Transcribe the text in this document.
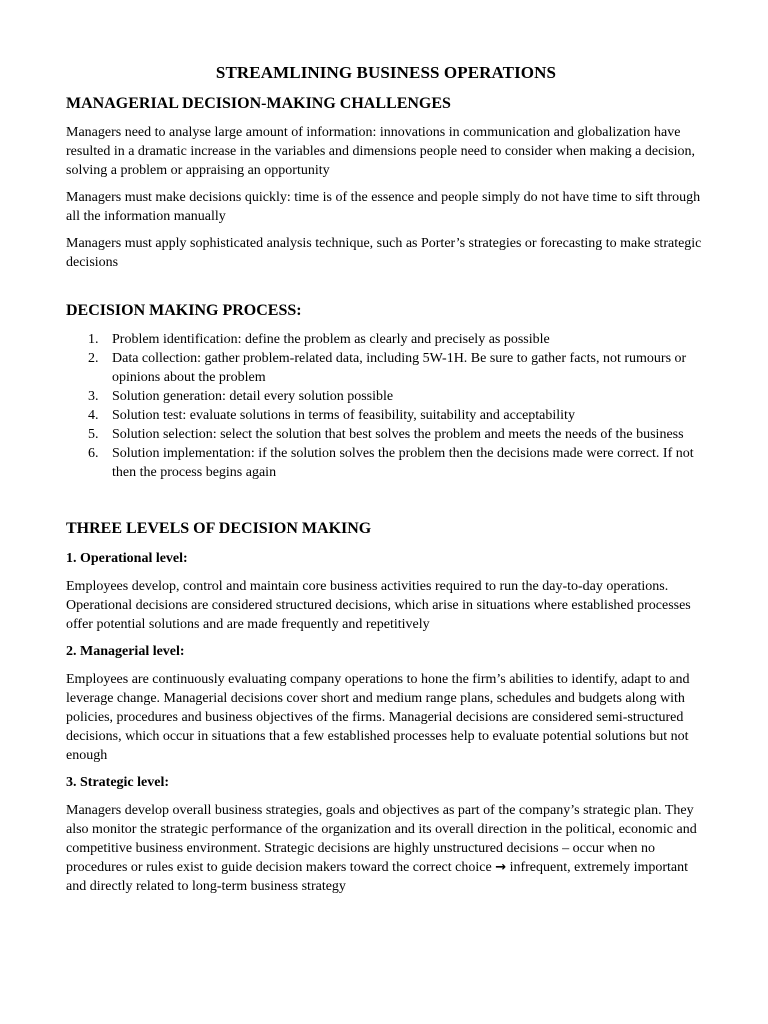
STREAMLINING BUSINESS OPERATIONS
MANAGERIAL DECISION-MAKING CHALLENGES

Managers need to analyse large amount of information: innovations in communication and globalization have resulted in a dramatic increase in the variables and dimensions people need to consider when making a decision, solving a problem or appraising an opportunity

Managers must make decisions quickly: time is of the essence and people simply do not have time to sift through all the information manually

Managers must apply sophisticated analysis technique, such as Porter’s strategies or forecasting to make strategic decisions

DECISION MAKING PROCESS:
1. Problem identification: define the problem as clearly and precisely as possible
2. Data collection: gather problem-related data, including 5W-1H. Be sure to gather facts, not rumours or opinions about the problem
3. Solution generation: detail every solution possible
4. Solution test: evaluate solutions in terms of feasibility, suitability and acceptability
5. Solution selection: select the solution that best solves the problem and meets the needs of the business
6. Solution implementation: if the solution solves the problem then the decisions made were correct. If not then the process begins again
THREE LEVELS OF DECISION MAKING
1. Operational level:

Employees develop, control and maintain core business activities required to run the day-to-day operations. Operational decisions are considered structured decisions, which arise in situations where established processes offer potential solutions and are made frequently and repetitively

2. Managerial level:

Employees are continuously evaluating company operations to hone the firm’s abilities to identify, adapt to and leverage change. Managerial decisions cover short and medium range plans, schedules and budgets along with policies, procedures and business objectives of the firms. Managerial decisions are considered semi-structured decisions, which occur in situations that a few established processes help to evaluate potential solutions but not enough

3. Strategic level:

Managers develop overall business strategies, goals and objectives as part of the company’s strategic plan. They also monitor the strategic performance of the organization and its overall direction in the political, economic and competitive business environment. Strategic decisions are highly unstructured decisions – occur when no procedures or rules exist to guide decision makers toward the correct choice → infrequent, extremely important and directly related to long-term business strategy
